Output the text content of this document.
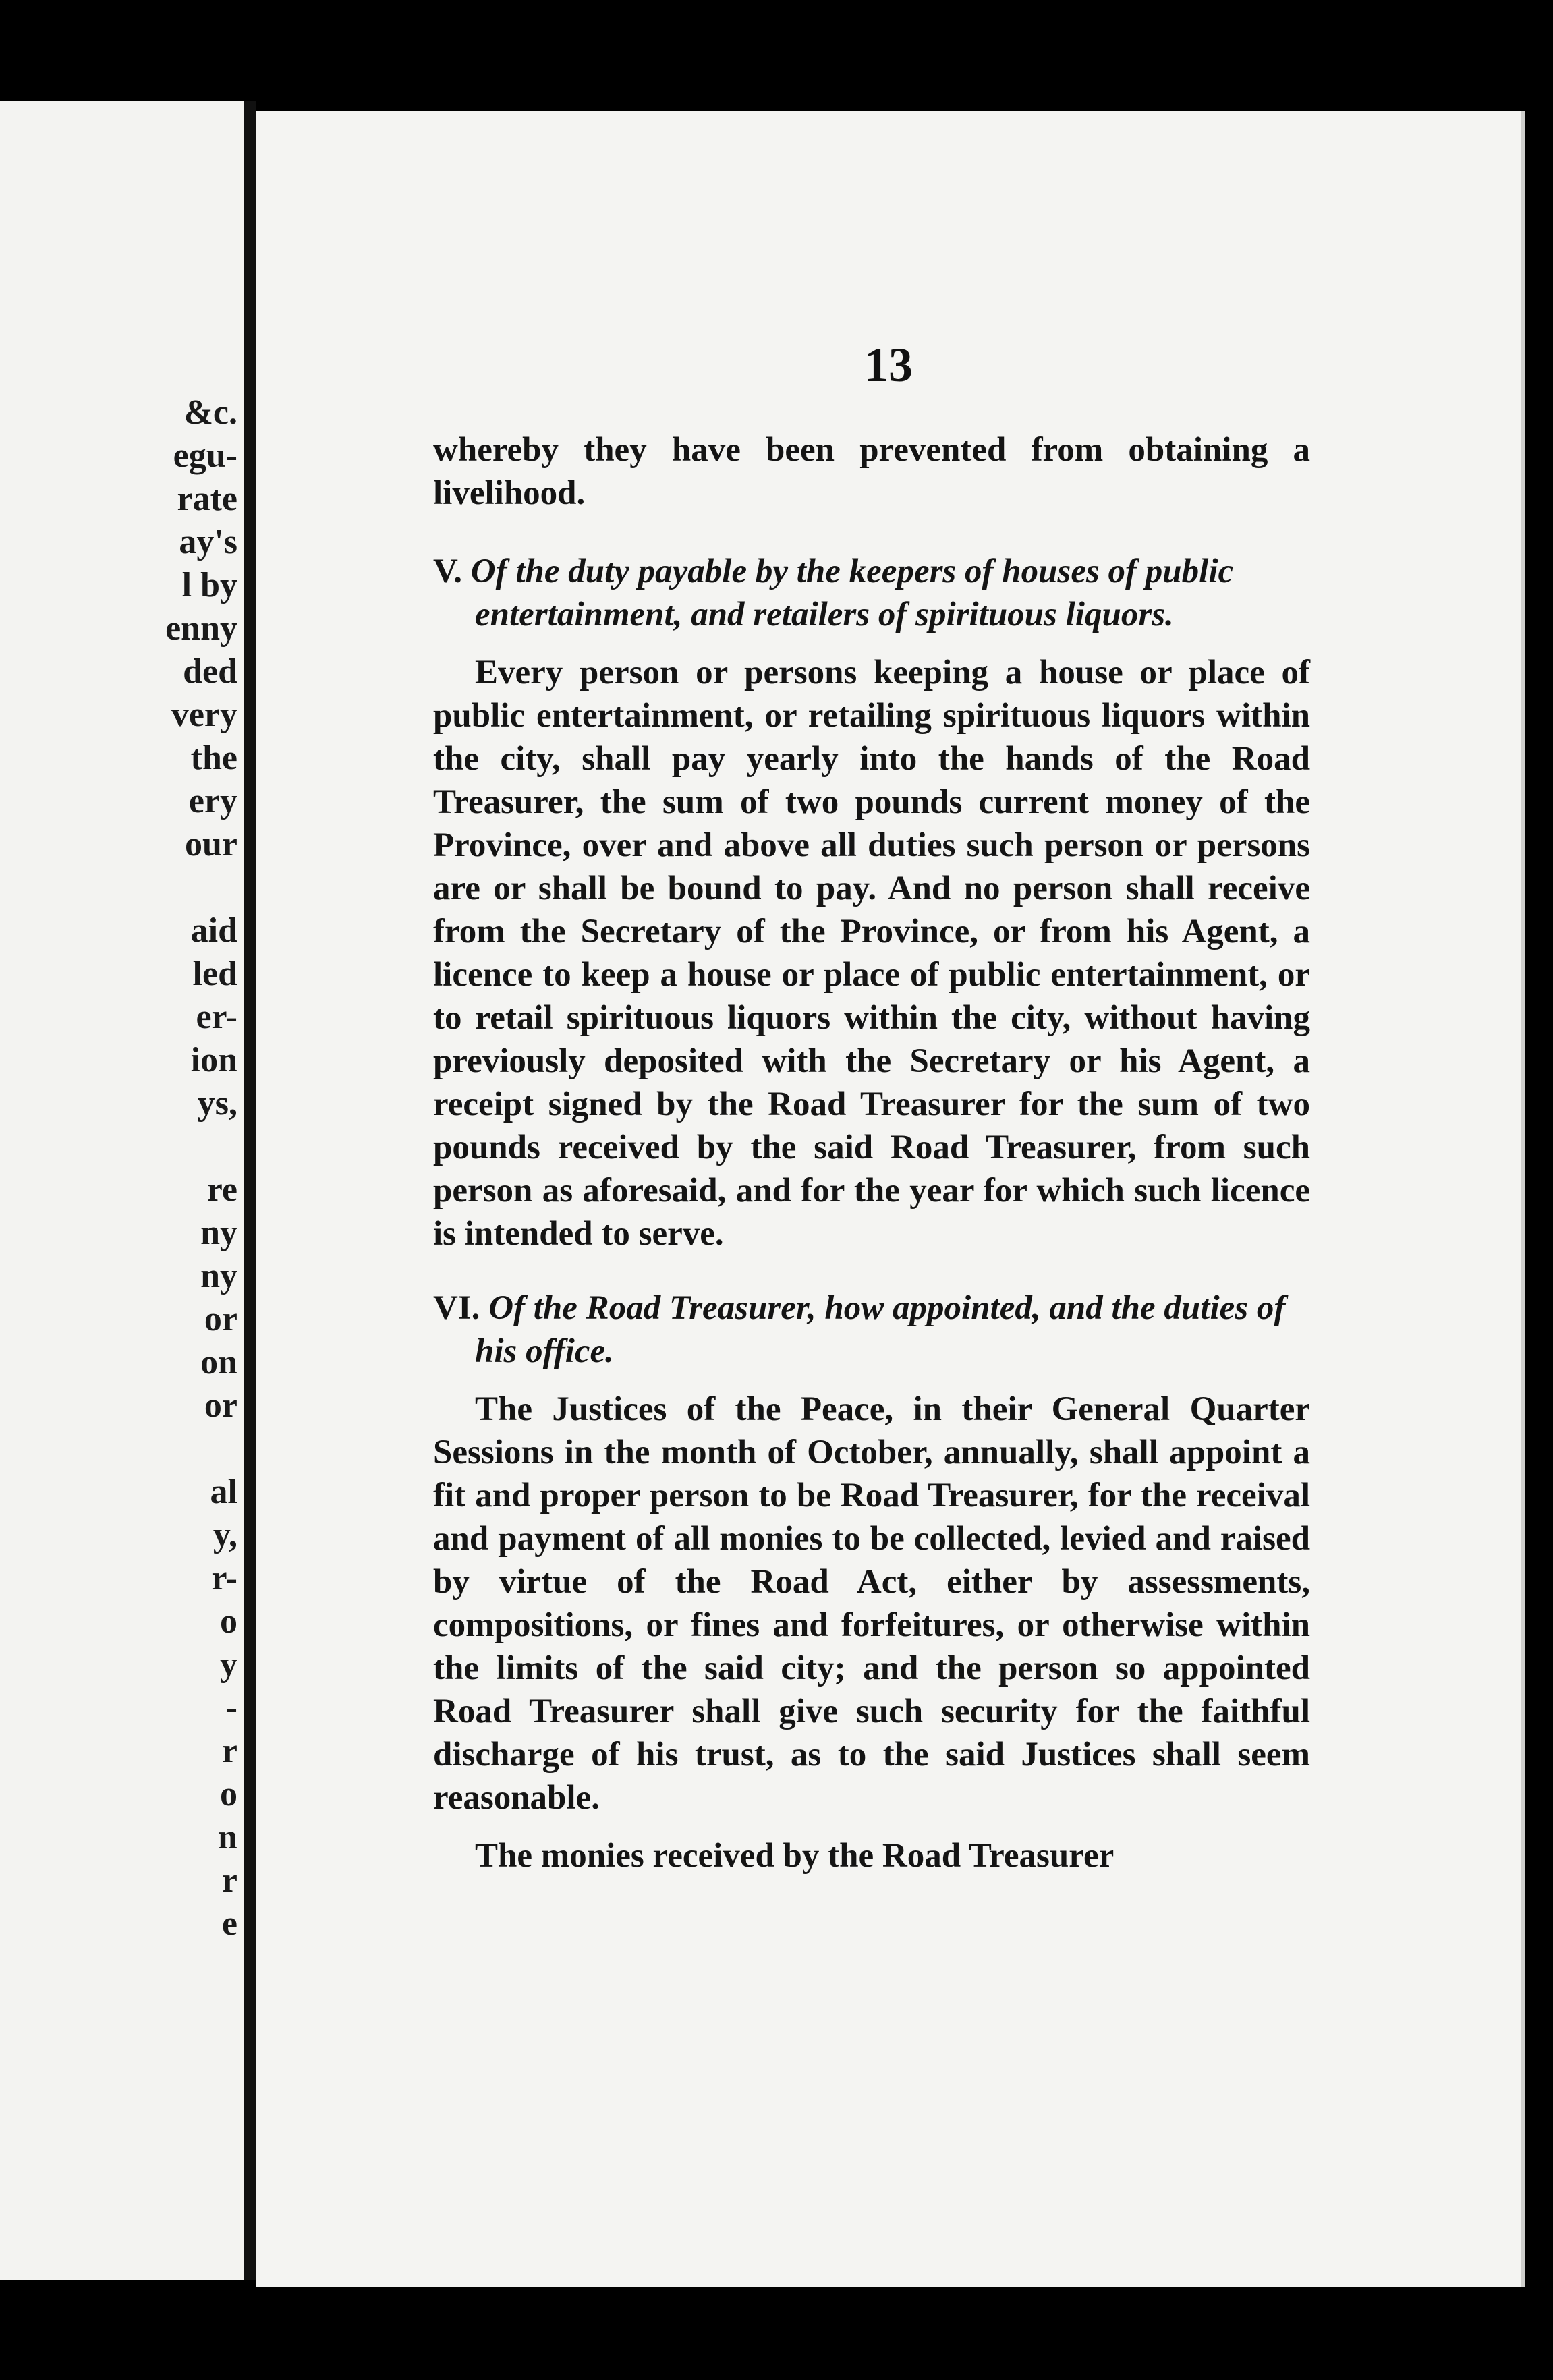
&c.
egu-
rate
ay's
l by
enny
ded
very
the
ery
our
aid
led
er-
ion
ys,
re
ny
ny
or
on
or
al
y,
r-
o
y
-
r
o
n
r
e
13

whereby they have been prevented from obtaining a livelihood.

V. Of the duty payable by the keepers of houses of public entertainment, and retailers of spirituous liquors.

Every person or persons keeping a house or place of public entertainment, or retailing spirituous liquors within the city, shall pay yearly into the hands of the Road Treasurer, the sum of two pounds current money of the Province, over and above all duties such person or persons are or shall be bound to pay. And no person shall receive from the Secretary of the Province, or from his Agent, a licence to keep a house or place of public entertainment, or to retail spirituous liquors within the city, without having previously deposited with the Secretary or his Agent, a receipt signed by the Road Treasurer for the sum of two pounds received by the said Road Treasurer, from such person as aforesaid, and for the year for which such licence is intended to serve.

VI. Of the Road Treasurer, how appointed, and the duties of his office.

The Justices of the Peace, in their General Quarter Sessions in the month of October, annually, shall appoint a fit and proper person to be Road Treasurer, for the receival and payment of all monies to be collected, levied and raised by virtue of the Road Act, either by assessments, compositions, or fines and forfeitures, or otherwise within the limits of the said city; and the person so appointed Road Treasurer shall give such security for the faithful discharge of his trust, as to the said Justices shall seem reasonable.

The monies received by the Road Treasurer
